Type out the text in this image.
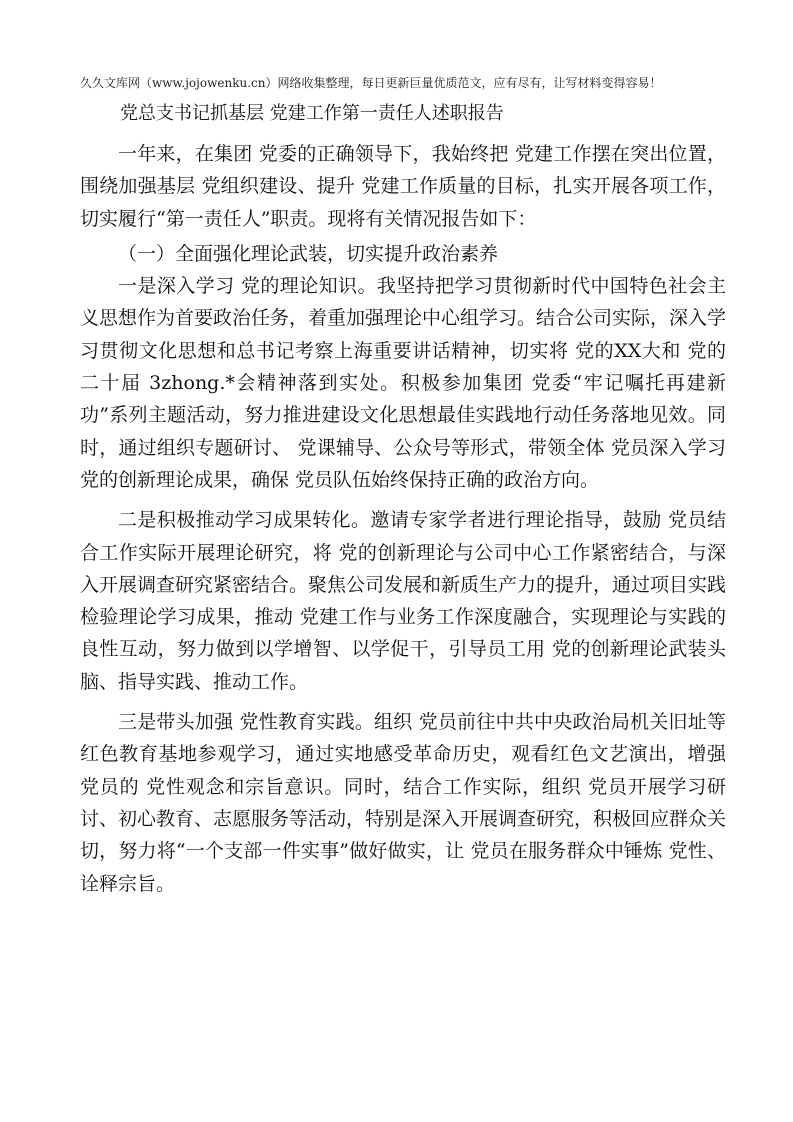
久久文库网（www.jojowenku.cn）网络收集整理，每日更新巨量优质范文，应有尽有，让写材料变得容易！
党总支书记抓基层 党建工作第一责任人述职报告

一年来，在集团 党委的正确领导下，我始终把 党建工作摆在突出位置，围绕加强基层 党组织建设、提升 党建工作质量的目标，扎实开展各项工作，切实履行“第一责任人”职责。现将有关情况报告如下：

（一）全面强化理论武装，切实提升政治素养

一是深入学习 党的理论知识。我坚持把学习贯彻新时代中国特色社会主义思想作为首要政治任务，着重加强理论中心组学习。结合公司实际，深入学习贯彻文化思想和总书记考察上海重要讲话精神，切实将 党的XX大和 党的二十届 3zhong.*会精神落到实处。积极参加集团 党委“牢记嘱托再建新功”系列主题活动，努力推进建设文化思想最佳实践地行动任务落地见效。同时，通过组织专题研讨、 党课辅导、公众号等形式，带领全体 党员深入学习 党的创新理论成果，确保 党员队伍始终保持正确的政治方向。

二是积极推动学习成果转化。邀请专家学者进行理论指导，鼓励 党员结合工作实际开展理论研究，将 党的创新理论与公司中心工作紧密结合，与深入开展调查研究紧密结合。聚焦公司发展和新质生产力的提升，通过项目实践检验理论学习成果，推动 党建工作与业务工作深度融合，实现理论与实践的良性互动，努力做到以学增智、以学促干，引导员工用 党的创新理论武装头脑、指导实践、推动工作。

三是带头加强 党性教育实践。组织 党员前往中共中央政治局机关旧址等红色教育基地参观学习，通过实地感受革命历史，观看红色文艺演出，增强 党员的 党性观念和宗旨意识。同时，结合工作实际，组织 党员开展学习研讨、初心教育、志愿服务等活动，特别是深入开展调查研究，积极回应群众关切，努力将“一个支部一件实事”做好做实，让 党员在服务群众中锤炼 党性、诠释宗旨。
